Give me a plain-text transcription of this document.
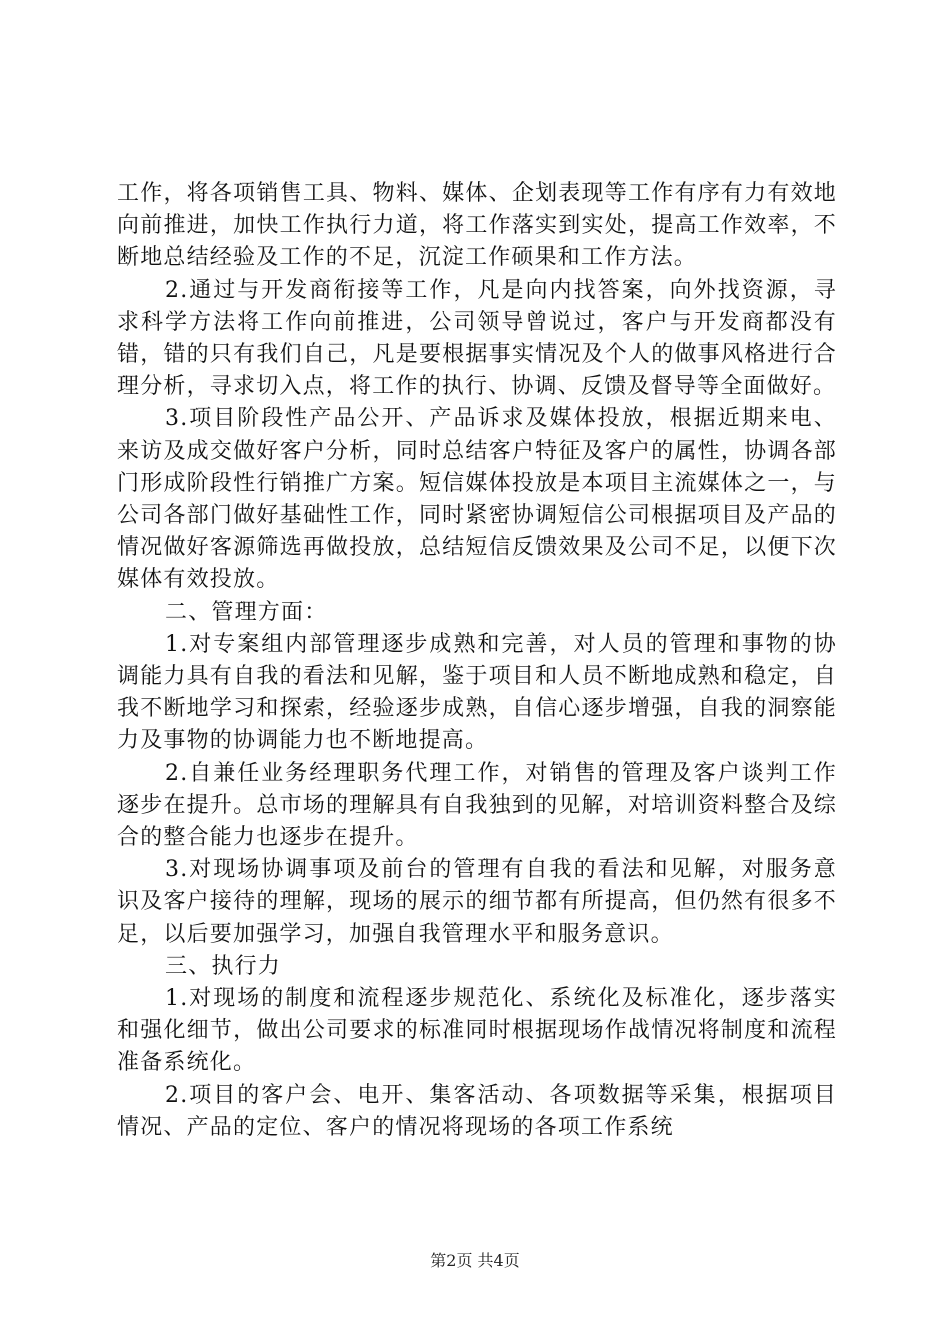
工作，将各项销售工具、物料、媒体、企划表现等工作有序有力有效地向前推进，加快工作执行力道，将工作落实到实处，提高工作效率，不断地总结经验及工作的不足，沉淀工作硕果和工作方法。

2.通过与开发商衔接等工作，凡是向内找答案，向外找资源，寻求科学方法将工作向前推进，公司领导曾说过，客户与开发商都没有错，错的只有我们自己，凡是要根据事实情况及个人的做事风格进行合理分析，寻求切入点，将工作的执行、协调、反馈及督导等全面做好。

3.项目阶段性产品公开、产品诉求及媒体投放，根据近期来电、来访及成交做好客户分析，同时总结客户特征及客户的属性，协调各部门形成阶段性行销推广方案。短信媒体投放是本项目主流媒体之一，与公司各部门做好基础性工作，同时紧密协调短信公司根据项目及产品的情况做好客源筛选再做投放，总结短信反馈效果及公司不足，以便下次媒体有效投放。

二、管理方面：

1.对专案组内部管理逐步成熟和完善，对人员的管理和事物的协调能力具有自我的看法和见解，鉴于项目和人员不断地成熟和稳定，自我不断地学习和探索，经验逐步成熟，自信心逐步增强，自我的洞察能力及事物的协调能力也不断地提高。

2.自兼任业务经理职务代理工作，对销售的管理及客户谈判工作逐步在提升。总市场的理解具有自我独到的见解，对培训资料整合及综合的整合能力也逐步在提升。

3.对现场协调事项及前台的管理有自我的看法和见解，对服务意识及客户接待的理解，现场的展示的细节都有所提高，但仍然有很多不足，以后要加强学习，加强自我管理水平和服务意识。

三、执行力

1.对现场的制度和流程逐步规范化、系统化及标准化，逐步落实和强化细节，做出公司要求的标准同时根据现场作战情况将制度和流程准备系统化。

2.项目的客户会、电开、集客活动、各项数据等采集，根据项目情况、产品的定位、客户的情况将现场的各项工作系统

第2页 共4页
